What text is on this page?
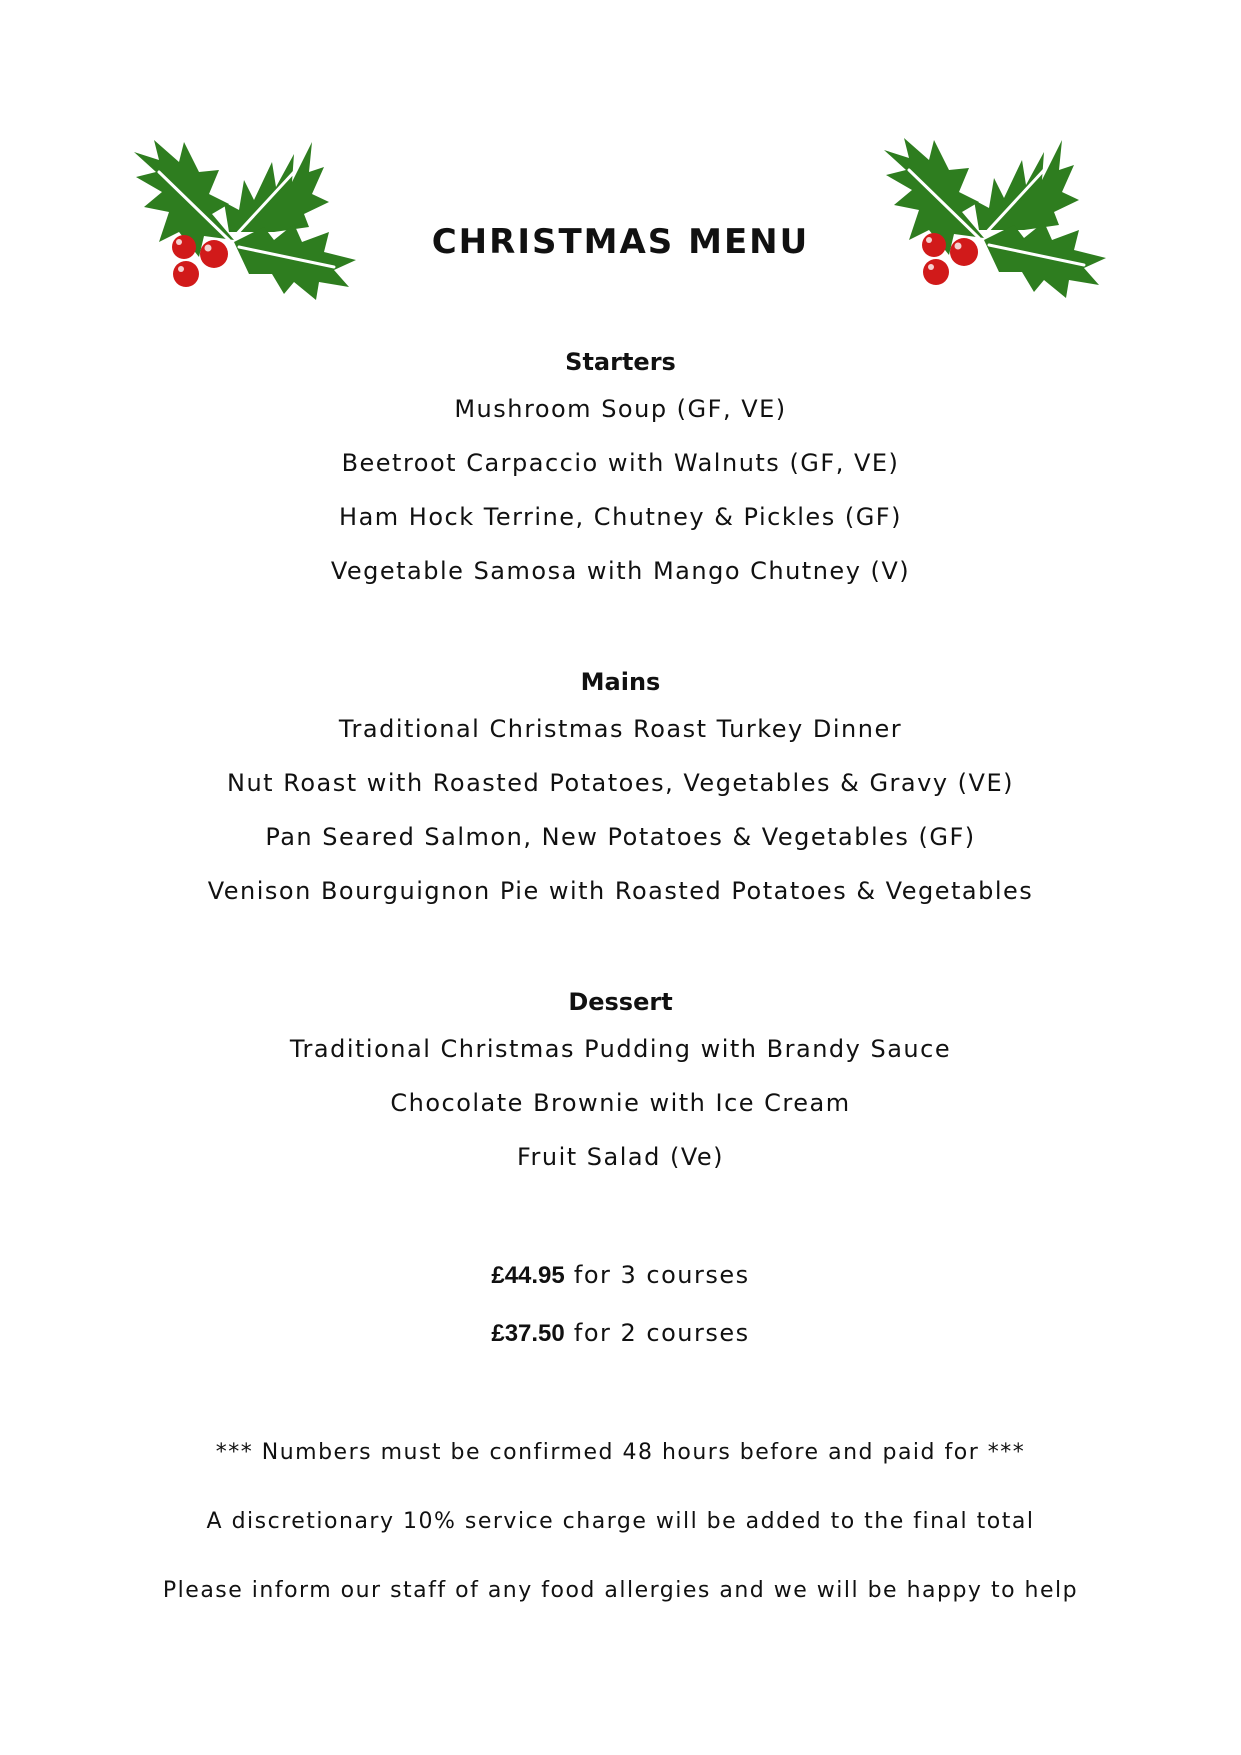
CHRISTMAS MENU
Starters
Mushroom Soup (GF, VE)
Beetroot Carpaccio with Walnuts (GF, VE)
Ham Hock Terrine, Chutney & Pickles (GF)
Vegetable Samosa with Mango Chutney (V)
Mains
Traditional Christmas Roast Turkey Dinner
Nut Roast with Roasted Potatoes, Vegetables & Gravy (VE)
Pan Seared Salmon, New Potatoes & Vegetables (GF)
Venison Bourguignon Pie with Roasted Potatoes & Vegetables
Dessert
Traditional Christmas Pudding with Brandy Sauce
Chocolate Brownie with Ice Cream
Fruit Salad (Ve)
£44.95 for 3 courses
£37.50 for 2 courses
*** Numbers must be confirmed 48 hours before and paid for ***
A discretionary 10% service charge will be added to the final total
Please inform our staff of any food allergies and we will be happy to help
